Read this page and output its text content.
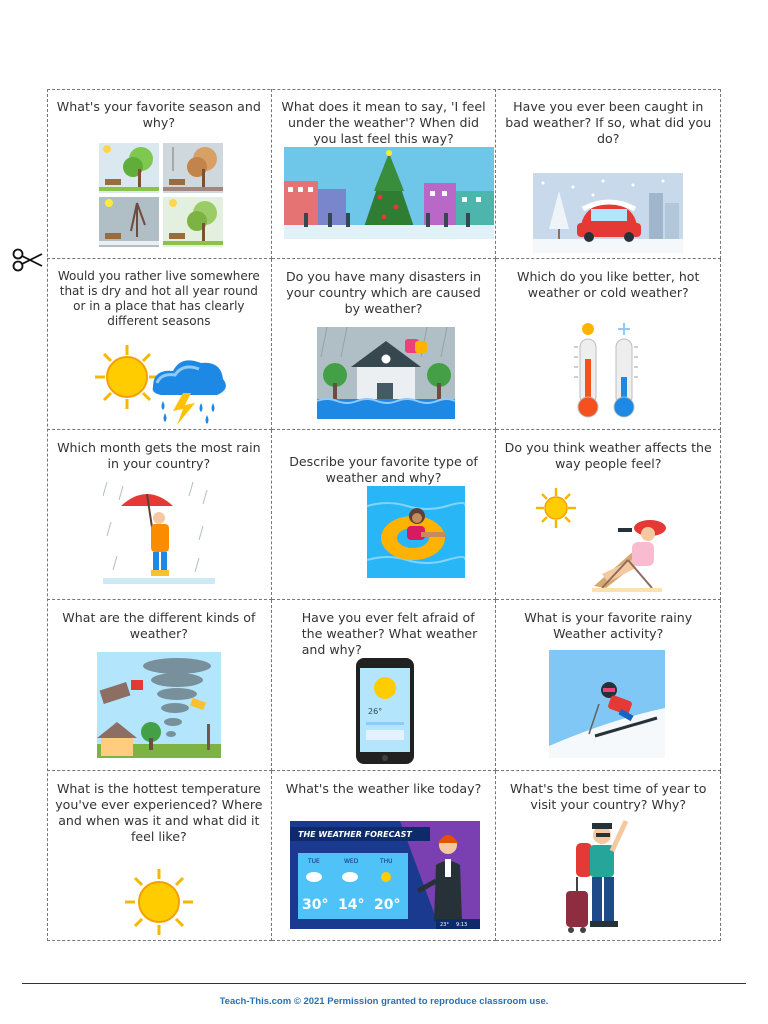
What's your favorite season and why?

What does it mean to say, 'I feel under the weather'? When did you last feel this way?

Have you ever been caught in bad weather? If so, what did you do?

Would you rather live somewhere that is dry and hot all year round or in a place that has clearly different seasons

Do you have many disasters in your country which are caused by weather?

Which do you like better, hot weather or cold weather?

Which month gets the most rain in your country?	Describe your favorite type of weather and why?

Do you think weather affects the way people feel?

What are the different kinds of weather?

Have you ever felt afraid of the weather? What weather and why?

26°

What is your favorite rainy Weather activity?

What is the hottest temperature you've ever experienced? Where and when was it and what did it feel like?

What's the weather like today?

THE WEATHER FORECAST
TUE	WED	THU
30° 14° 20°
23° 9:13

What's the best time of year to visit your country? Why?

Teach-This.com © 2021 Permission granted to reproduce classroom use.
